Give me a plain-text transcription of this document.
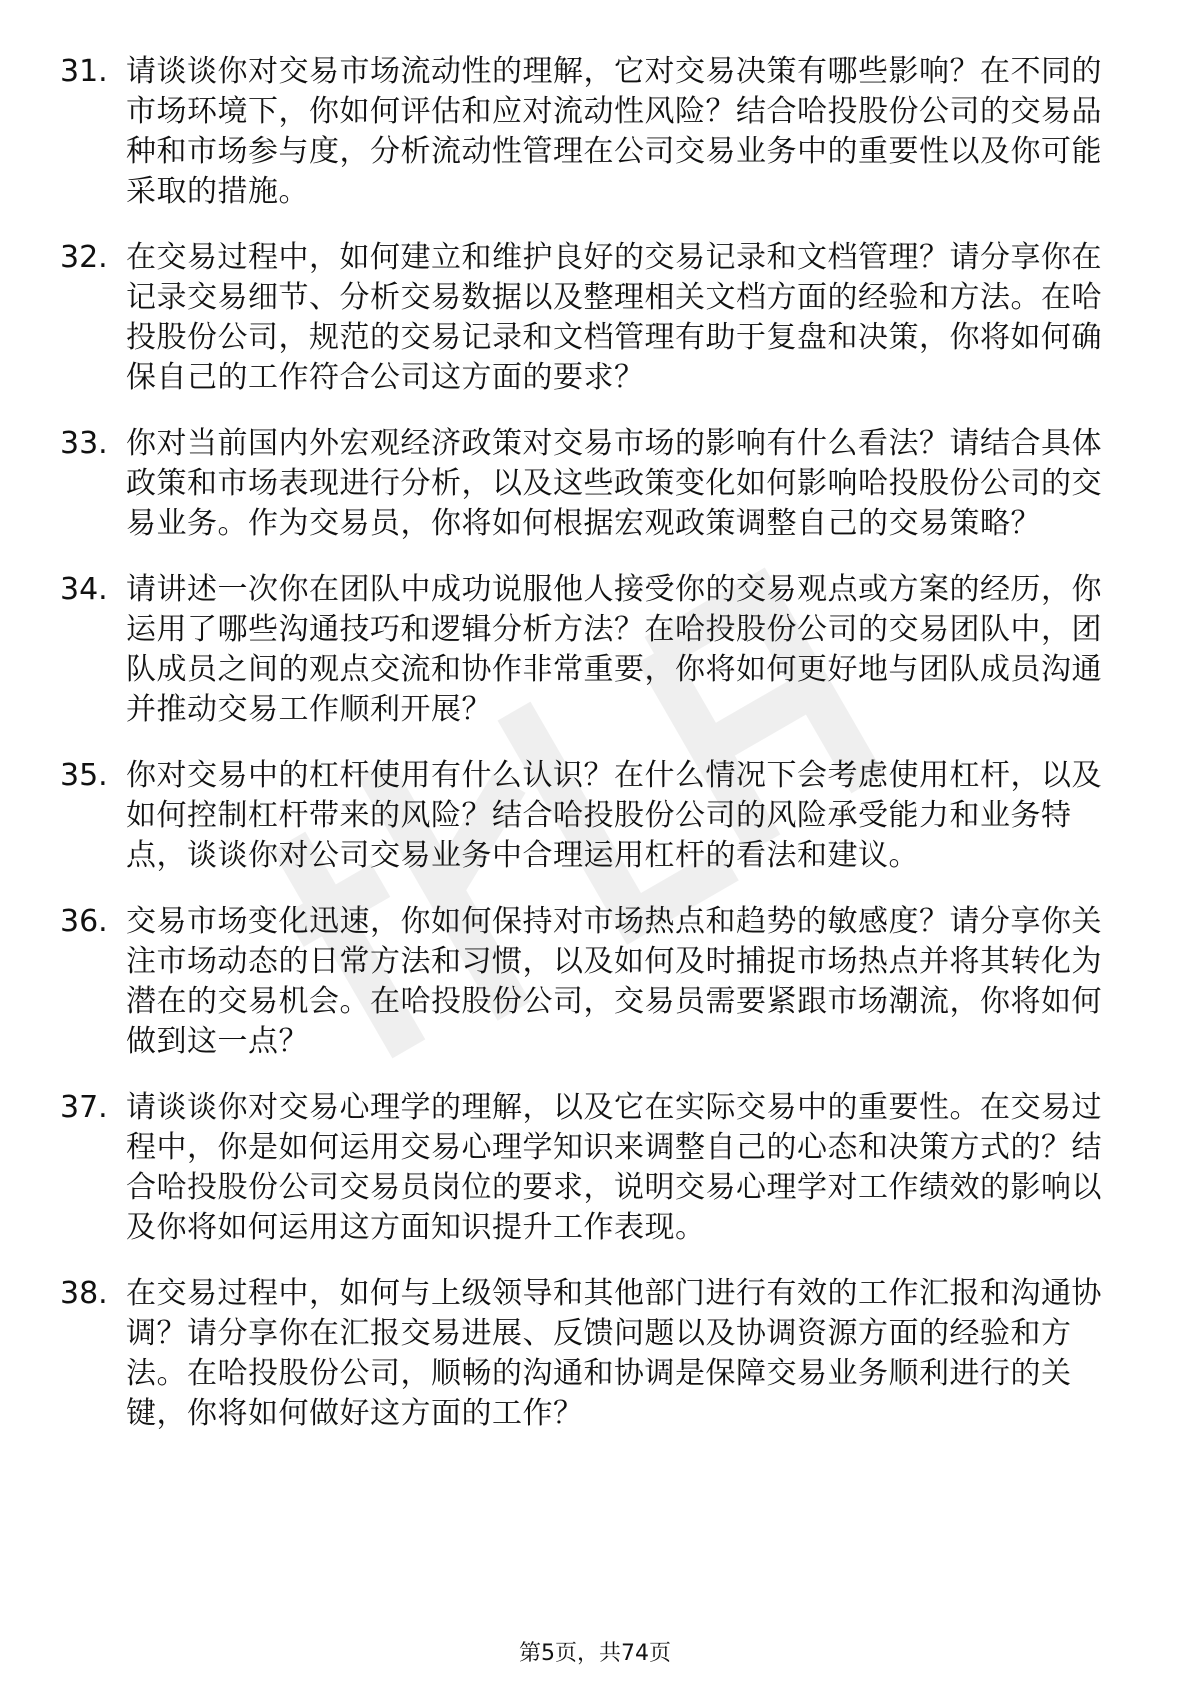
31. 请谈谈你对交易市场流动性的理解，它对交易决策有哪些影响？在不同的市场环境下，你如何评估和应对流动性风险？结合哈投股份公司的交易品种和市场参与度，分析流动性管理在公司交易业务中的重要性以及你可能采取的措施。
32. 在交易过程中，如何建立和维护良好的交易记录和文档管理？请分享你在记录交易细节、分析交易数据以及整理相关文档方面的经验和方法。在哈投股份公司，规范的交易记录和文档管理有助于复盘和决策，你将如何确保自己的工作符合公司这方面的要求？
33. 你对当前国内外宏观经济政策对交易市场的影响有什么看法？请结合具体政策和市场表现进行分析，以及这些政策变化如何影响哈投股份公司的交易业务。作为交易员，你将如何根据宏观政策调整自己的交易策略？
34. 请讲述一次你在团队中成功说服他人接受你的交易观点或方案的经历，你运用了哪些沟通技巧和逻辑分析方法？在哈投股份公司的交易团队中，团队成员之间的观点交流和协作非常重要，你将如何更好地与团队成员沟通并推动交易工作顺利开展？
35. 你对交易中的杠杆使用有什么认识？在什么情况下会考虑使用杠杆，以及如何控制杠杆带来的风险？结合哈投股份公司的风险承受能力和业务特点，谈谈你对公司交易业务中合理运用杠杆的看法和建议。
36. 交易市场变化迅速，你如何保持对市场热点和趋势的敏感度？请分享你关注市场动态的日常方法和习惯，以及如何及时捕捉市场热点并将其转化为潜在的交易机会。在哈投股份公司，交易员需要紧跟市场潮流，你将如何做到这一点？
37. 请谈谈你对交易心理学的理解，以及它在实际交易中的重要性。在交易过程中，你是如何运用交易心理学知识来调整自己的心态和决策方式的？结合哈投股份公司交易员岗位的要求，说明交易心理学对工作绩效的影响以及你将如何运用这方面知识提升工作表现。
38. 在交易过程中，如何与上级领导和其他部门进行有效的工作汇报和沟通协调？请分享你在汇报交易进展、反馈问题以及协调资源方面的经验和方法。在哈投股份公司，顺畅的沟通和协调是保障交易业务顺利进行的关键，你将如何做好这方面的工作？
第5页，共74页
